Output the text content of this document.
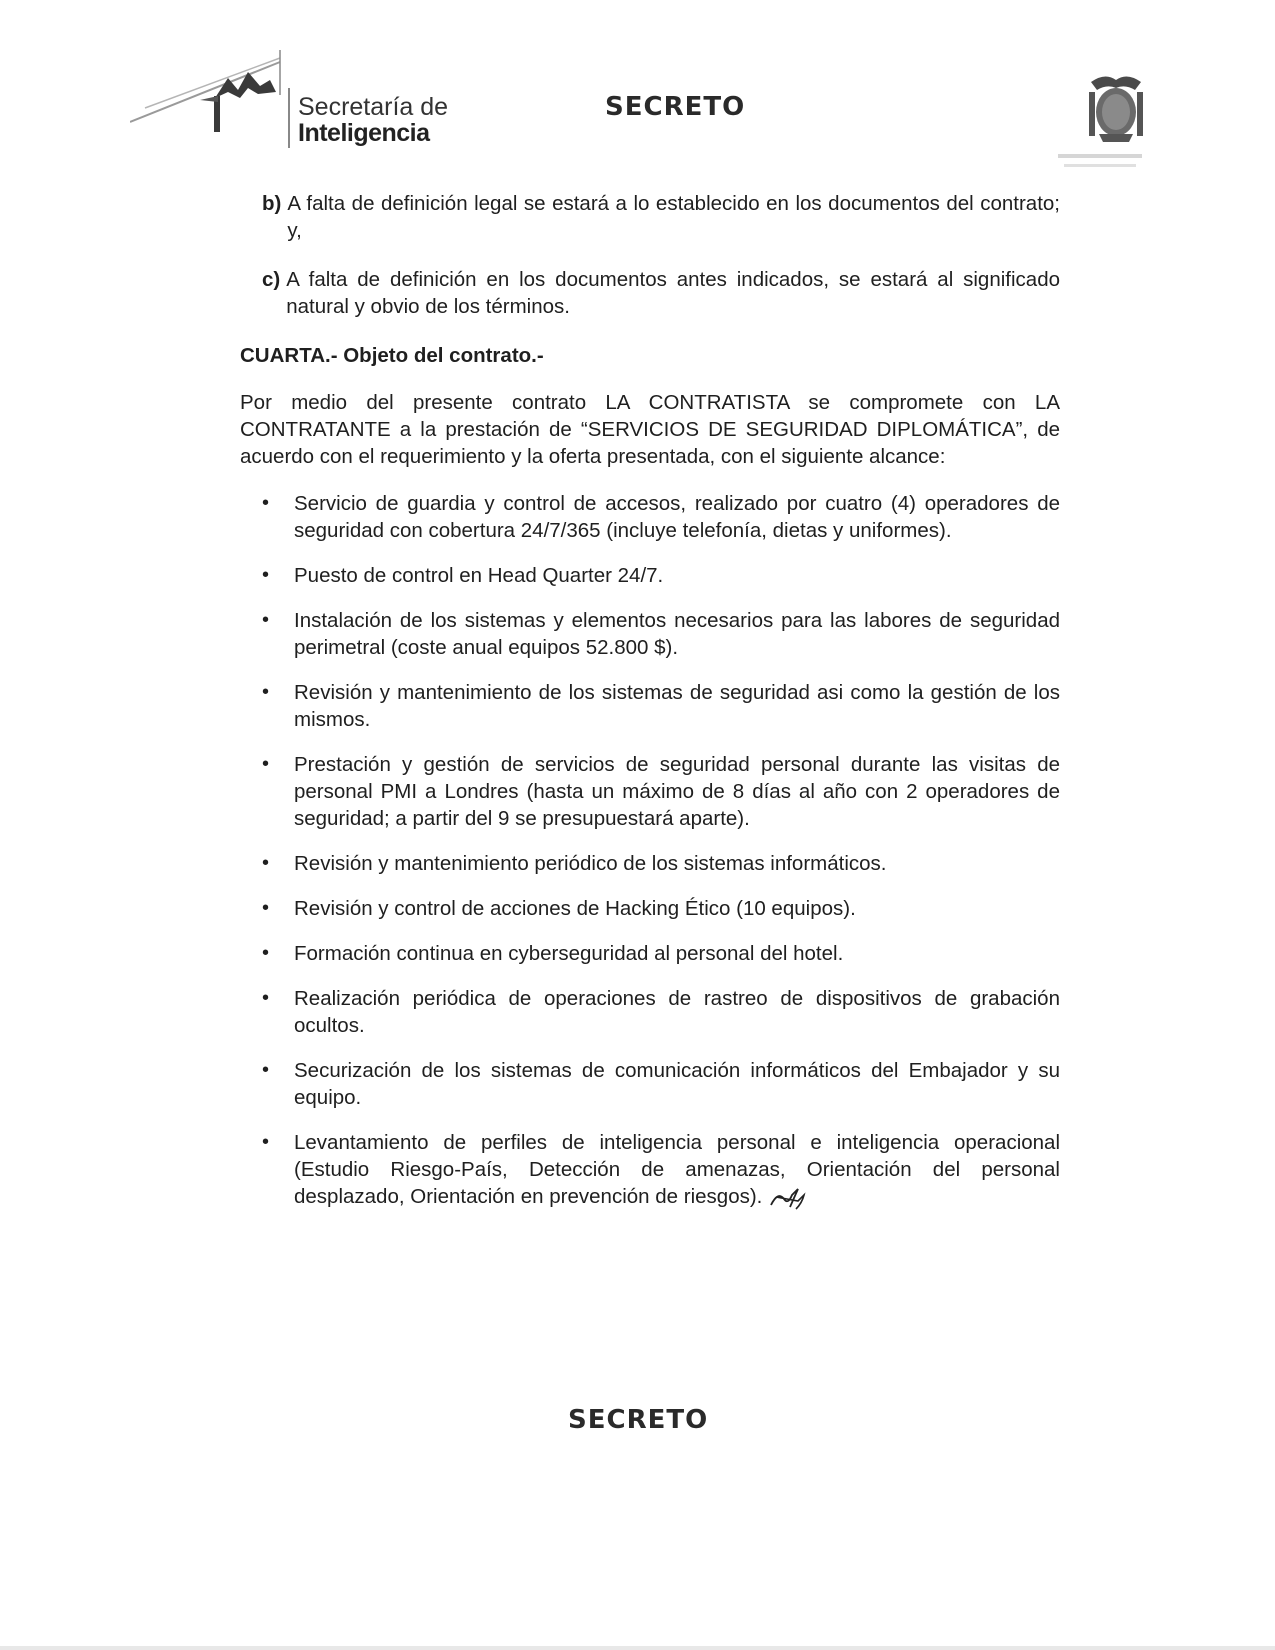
Secretaría de
Inteligencia
SECRETO
b) A falta de definición legal se estará a lo establecido en los documentos del contrato; y,
c) A falta de definición en los documentos antes indicados, se estará al significado natural y obvio de los términos.
CUARTA.- Objeto del contrato.-

Por medio del presente contrato LA CONTRATISTA se compromete con LA CONTRATANTE a la prestación de “SERVICIOS DE SEGURIDAD DIPLOMÁTICA”, de acuerdo con el requerimiento y la oferta presentada, con el siguiente alcance:

•	Servicio de guardia y control de accesos, realizado por cuatro (4) operadores de seguridad con cobertura 24/7/365 (incluye telefonía, dietas y uniformes).
•	Puesto de control en Head Quarter 24/7.
•	Instalación de los sistemas y elementos necesarios para las labores de seguridad perimetral (coste anual equipos 52.800 $).
•	Revisión y mantenimiento de los sistemas de seguridad asi como la gestión de los mismos.
•	Prestación y gestión de servicios de seguridad personal durante las visitas de personal PMI a Londres (hasta un máximo de 8 días al año con 2 operadores de seguridad; a partir del 9 se presupuestará aparte).
•	Revisión y mantenimiento periódico de los sistemas informáticos.
•	Revisión y control de acciones de Hacking Ético (10 equipos).
•	Formación continua en cyberseguridad al personal del hotel.
•	Realización periódica de operaciones de rastreo de dispositivos de grabación ocultos.
•	Securización de los sistemas de comunicación informáticos del Embajador y su equipo.
•	Levantamiento de perfiles de inteligencia personal e inteligencia operacional (Estudio Riesgo-País, Detección de amenazas, Orientación del personal desplazado, Orientación en prevención de riesgos).
SECRETO
